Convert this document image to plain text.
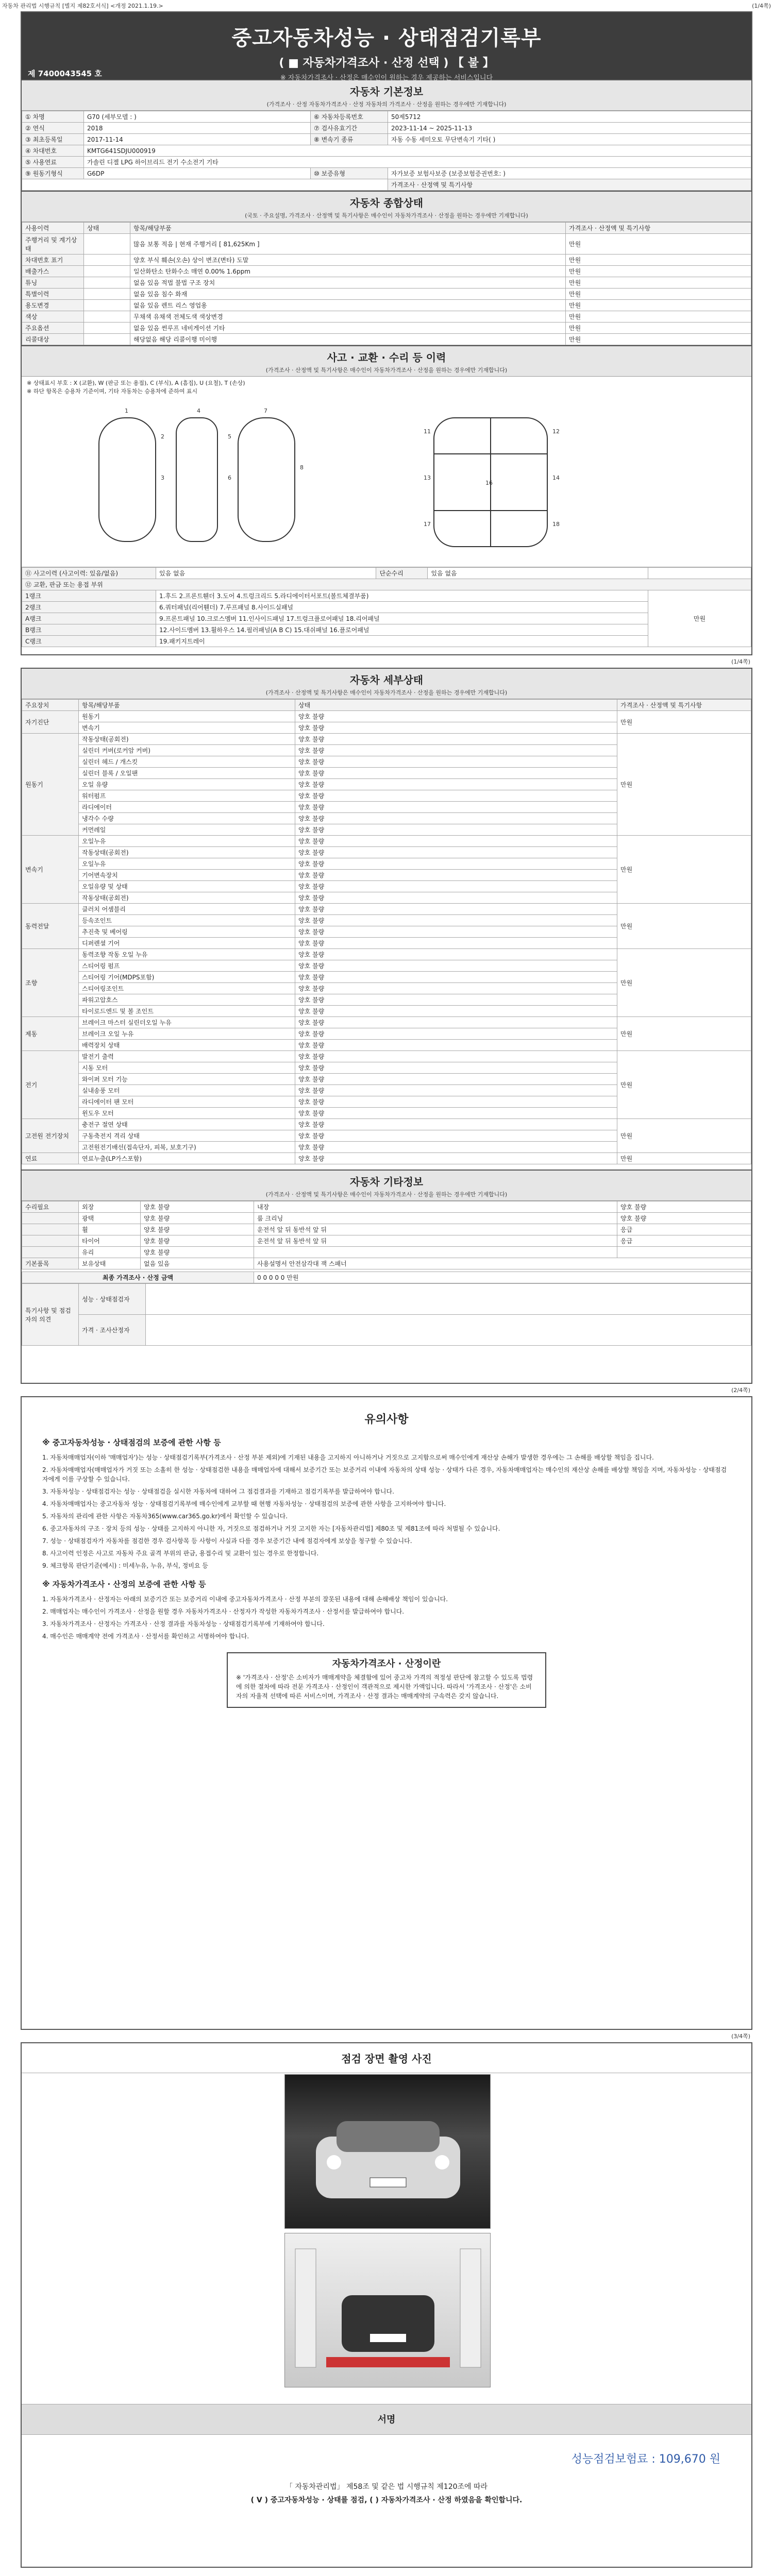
자동차 관리법 시행규칙 [별지 제82호서식] <개정 2021.1.19.>	(1/4쪽)
중고자동차성능 · 상태점검기록부
( ■ 자동차가격조사 · 산정 선택 ) 【 불 】
※ 자동차가격조사 · 산정은 매수인이 원하는 경우 제공하는 서비스입니다
제 7400043545 호
자동차 기본정보
(가격조사 · 산정 자동차가격조사 · 산정 자동차의 가격조사 · 산정을 원하는 경우에만 기재합니다)
① 차명	G70 (세부모델 : )	⑥ 자동차등록번호	50제5712
② 연식	2018	⑦ 검사유효기간	2023-11-14 ~ 2025-11-13
③ 최초등록일	2017-11-14	⑧ 변속기 종류	자동 수동 세미오토 무단변속기 기타( )
④ 차대번호	KMTG641SDJU000919		
⑤ 사용연료	가솔린 디젤 LPG 하이브리드 전기 수소전기 기타		
⑨ 원동기형식	G6DP	⑩ 보증유형	자가보증 보험사보증 (보증보험증권번호: )
			가격조사 · 산정액 및 특기사항
자동차 종합상태
(국토 · 주요설명, 가격조사 · 산정액 및 특기사항은 매수인이 자동차가격조사 · 산정을 원하는 경우에만 기재합니다)
사용이력	상태	항목/해당부품	가격조사 · 산정액 및 특기사항
주행거리 및 계기상태		많음 보통 적음 | 현재 주행거리 [ 81,625Km ]	만원
차대번호 표기		양호 부식 훼손(오손) 상이 변조(변타) 도말	만원
배출가스		일산화탄소 탄화수소 매연 0.00% 1.6ppm	만원
튜닝		없음 있음 적법 불법 구조 장치	만원
특별이력		없음 있음 침수 화재	만원
용도변경		없음 있음 렌트 리스 영업용	만원
색상		무채색 유채색 전체도색 색상변경	만원
주요옵션		없음 있음 썬루프 네비게이션 기타	만원
리콜대상		해당없음 해당 리콜이행 미이행	만원
사고 · 교환 · 수리 등 이력
(가격조사 · 산정액 및 특기사항은 매수인이 자동차가격조사 · 산정을 원하는 경우에만 기재합니다)
※ 상태표시 부호 : X (교환), W (판금 또는 용접), C (부식), A (흠집), U (요철), T (손상)
※ 하단 항목은 승용차 기준이며, 기타 자동차는 승용차에 준하여 표시
1
2
3
4
5
6
7
8
11	12
13	14
16
17	18
⑪ 사고이력 (사고이력: 있음/없음)	있음 없음	단순수리	있음 없음	
⑫ 교환, 판금 또는 용접 부위				
1랭크	1.후드 2.프론트휀더 3.도어 4.트렁크리드 5.라디에이터서포트(볼트체결부품)			만원
2랭크	6.쿼터패널(리어휀더) 7.루프패널 8.사이드실패널			
A랭크	9.프론트패널 10.크로스멤버 11.인사이드패널 17.트렁크플로어패널 18.리어패널			
B랭크	12.사이드멤버 13.휠하우스 14.필러패널(A B C) 15.대쉬패널 16.플로어패널			
C랭크	19.패키지트레이			
(1/4쪽)
자동차 세부상태
(가격조사 · 산정액 및 특기사항은 매수인이 자동차가격조사 · 산정을 원하는 경우에만 기재합니다)
주요장치	항목/해당부품	상태	가격조사 · 산정액 및 특기사항
자기진단	원동기	양호 불량	만원
	변속기	양호 불량	
원동기	작동상태(공회전)	양호 불량	만원
	실린더 커버(로커암 커버)	양호 불량	
	실린더 헤드 / 개스킷	양호 불량	
	실린더 블록 / 오일팬	양호 불량	
	오일 유량	양호 불량	
	워터펌프	양호 불량	
	라디에이터	양호 불량	
	냉각수 수량	양호 불량	
	커먼레일	양호 불량	
변속기	오일누유	양호 불량	만원
	작동상태(공회전)	양호 불량	
	오일누유	양호 불량	
	기어변속장치	양호 불량	
	오일유량 및 상태	양호 불량	
	작동상태(공회전)	양호 불량	
동력전달	클러치 어셈블리	양호 불량	만원
	등속조인트	양호 불량	
	추진축 및 베어링	양호 불량	
	디퍼렌셜 기어	양호 불량	
조향	동력조향 작동 오일 누유	양호 불량	만원
	스티어링 펌프	양호 불량	
	스티어링 기어(MDPS포함)	양호 불량	
	스티어링조인트	양호 불량	
	파워고압호스	양호 불량	
	타이로드엔드 및 볼 조인트	양호 불량	
제동	브레이크 마스터 실린더오일 누유	양호 불량	만원
	브레이크 오일 누유	양호 불량	
	배력장치 상태	양호 불량	
전기	발전기 출력	양호 불량	만원
	시동 모터	양호 불량	
	와이퍼 모터 기능	양호 불량	
	실내송풍 모터	양호 불량	
	라디에이터 팬 모터	양호 불량	
	윈도우 모터	양호 불량	
고전원 전기장치	충전구 절연 상태	양호 불량	만원
	구동축전지 격리 상태	양호 불량	
	고전원전기배선(접속단자, 피복, 보호기구)	양호 불량	
연료	연료누출(LP가스포함)	양호 불량	만원
자동차 기타정보
(가격조사 · 산정액 및 특기사항은 매수인이 자동차가격조사 · 산정을 원하는 경우에만 기재합니다)
수리필요	외장	양호 불량	내장	양호 불량
	광택	양호 불량	룸 크리닝	양호 불량
	휠	양호 불량	운전석 앞 뒤 동반석 앞 뒤	응급
	타이어	양호 불량	운전석 앞 뒤 동반석 앞 뒤	응급
	유리	양호 불량		
기본품목	보유상태	없음 있음	사용설명서 안전삼각대 잭 스패너	
최종 가격조사 · 산정 금액	0 0 0 0 0 만원
특기사항 및 점검자의 의견	성능 · 상태점검자	
	가격 · 조사산정자	
(2/4쪽)
유의사항
※ 중고자동차성능 · 상태점검의 보증에 관한 사항 등

1. 자동차매매업자(이하 '매매업자')는 성능 · 상태점검기록부(가격조사 · 산정 부분 제외)에 기재된 내용을 고지하지 아니하거나 거짓으로 고지함으로써 매수인에게 재산상 손해가 발생한 경우에는 그 손해를 배상할 책임을 집니다.

2. 자동차매매업자(매매업자가 거짓 또는 소홀히 한 성능 · 상태점검한 내용을 매매업자에 대해서 보증기간 또는 보증거리 이내에 자동차의 상태 성능 · 상태가 다른 경우, 자동차매매업자는 매수인의 재산상 손해를 배상할 책임을 지며, 자동차성능 · 상태점검자에게 이를 구상할 수 있습니다.

3. 자동차성능 · 상태점검자는 성능 · 상태점검을 실시한 자동차에 대하여 그 점검결과를 기재하고 점검기록부를 발급하여야 합니다.

4. 자동차매매업자는 중고자동차 성능 · 상태점검기록부에 매수인에게 교부할 때 현행 자동차성능 · 상태점검의 보증에 관한 사항을 고지하여야 합니다.

5. 자동차의 관리에 관한 사항은 자동차365(www.car365.go.kr)에서 확인할 수 있습니다.

6. 중고자동차의 구조 · 장치 등의 성능 · 상태를 고지하지 아니한 자, 거짓으로 점검하거나 거짓 고지한 자는 [자동차관리법] 제80조 및 제81조에 따라 처벌될 수 있습니다.

7. 성능 · 상태점검자가 자동차를 점검한 경우 검사항목 등 사항이 사실과 다를 경우 보증기간 내에 점검자에게 보상을 청구할 수 있습니다.

8. 사고이력 인정은 사고로 자동차 주요 골격 부위의 판금, 용접수리 및 교환이 있는 경우로 한정합니다.

9. 체크항목 판단기준(예시) : 미세누유, 누유, 부식, 정비요 등

※ 자동차가격조사 · 산정의 보증에 관한 사항 등

1. 자동차가격조사 · 산정자는 아래의 보증기간 또는 보증거리 이내에 중고자동차가격조사 · 산정 부분의 잘못된 내용에 대해 손해배상 책임이 있습니다.

2. 매매업자는 매수인이 가격조사 · 산정을 원할 경우 자동차가격조사 · 산정자가 작성한 자동차가격조사 · 산정서를 발급하여야 합니다.

3. 자동차가격조사 · 산정자는 가격조사 · 산정 결과를 자동차성능 · 상태점검기록부에 기재하여야 합니다.

4. 매수인은 매매계약 전에 가격조사 · 산정서를 확인하고 서명하여야 합니다.

자동차가격조사 · 산정이란
※ '가격조사 · 산정'은 소비자가 매매계약을 체결함에 있어 중고차 가격의 적정성 판단에 참고할 수 있도록 법령에 의한 절차에 따라 전문 가격조사 · 산정인이 객관적으로 제시한 가액입니다. 따라서 '가격조사 · 산정'은 소비자의 자율적 선택에 따른 서비스이며, 가격조사 · 산정 결과는 매매계약의 구속력은 갖지 않습니다.
(3/4쪽)
점검 장면 촬영 사진
서명
성능점검보험료 : 109,670 원
「 자동차관리법」 제58조 및 같은 법 시행규칙 제120조에 따라
( V ) 중고자동차성능 · 상태를 점검, ( ) 자동차가격조사 · 산정 하였음을 확인합니다.
